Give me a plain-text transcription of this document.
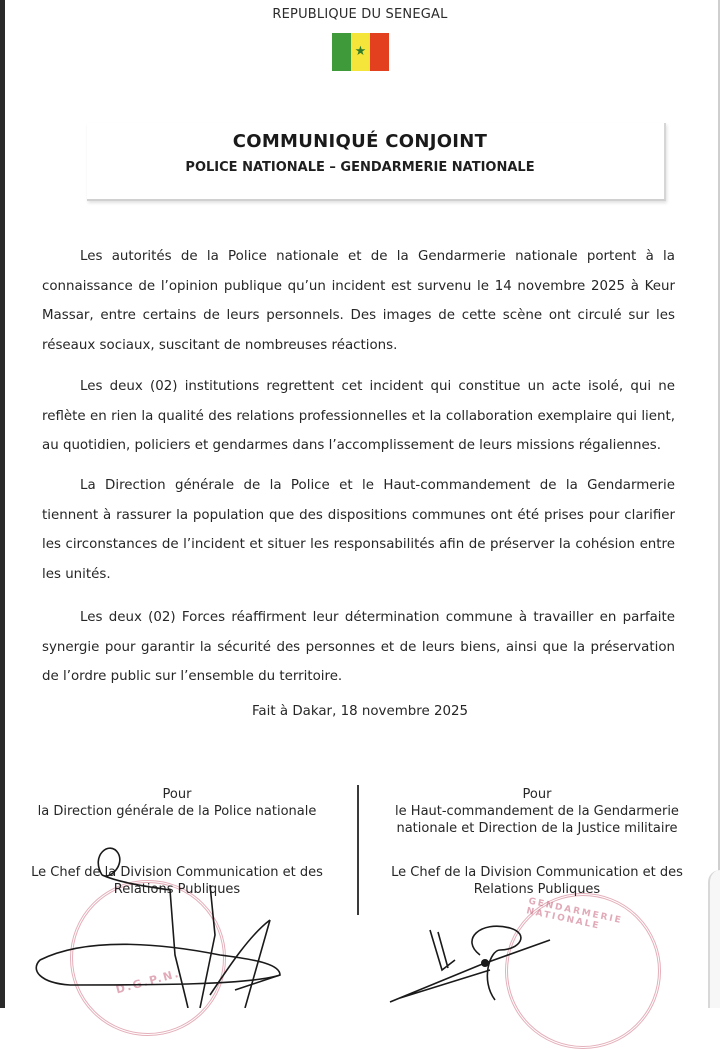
REPUBLIQUE DU SENEGAL
★
COMMUNIQUÉ CONJOINT
POLICE NATIONALE – GENDARMERIE NATIONALE

Les autorités de la Police nationale et de la Gendarmerie nationale portent à la connaissance de l’opinion publique qu’un incident est survenu le 14 novembre 2025 à Keur Massar, entre certains de leurs personnels. Des images de cette scène ont circulé sur les réseaux sociaux, suscitant de nombreuses réactions.

Les deux (02) institutions regrettent cet incident qui constitue un acte isolé, qui ne reflète en rien la qualité des relations professionnelles et la collaboration exemplaire qui lient, au quotidien, policiers et gendarmes dans l’accomplissement de leurs missions régaliennes.

La Direction générale de la Police et le Haut-commandement de la Gendarmerie tiennent à rassurer la population que des dispositions communes ont été prises pour clarifier les circonstances de l’incident et situer les responsabilités afin de préserver la cohésion entre les unités.

Les deux (02) Forces réaffirment leur détermination commune à travailler en parfaite synergie pour garantir la sécurité des personnes et de leurs biens, ainsi que la préservation de l’ordre public sur l’ensemble du territoire.

Fait à Dakar, 18 novembre 2025
Pour
la Direction générale de la Police nationale
Le Chef de la Division Communication et des
Relations Publiques
Pour
le Haut-commandement de la Gendarmerie
nationale et Direction de la Justice militaire
Le Chef de la Division Communication et des
Relations Publiques
D.G.P.N.
GENDARMERIE NATIONALE
